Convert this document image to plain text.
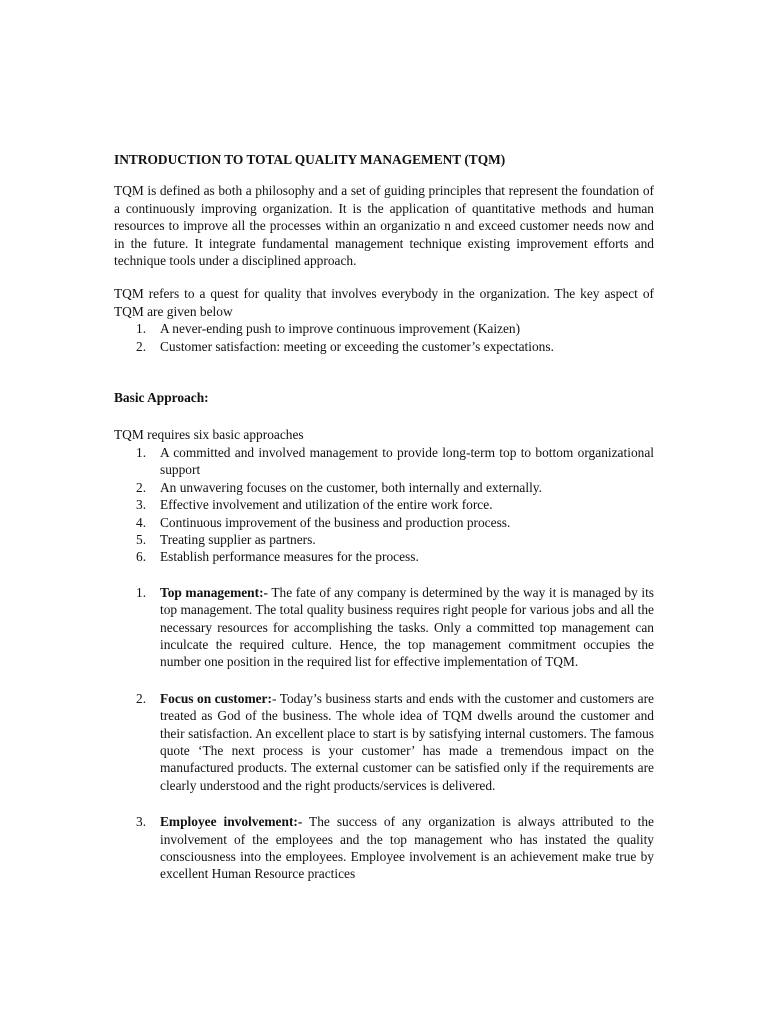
INTRODUCTION TO TOTAL QUALITY MANAGEMENT (TQM)

TQM is defined as both a philosophy and a set of guiding principles that represent the foundation of a continuously improving organization. It is the application of quantitative methods and human resources to improve all the processes within an organizatio n and exceed customer needs now and in the future. It integrate fundamental management technique existing improvement efforts and technique tools under a disciplined approach.

TQM refers to a quest for quality that involves everybody in the organization. The key aspect of TQM are given below

1. A never-ending push to improve continuous improvement (Kaizen)
2. Customer satisfaction: meeting or exceeding the customer’s expectations.

Basic Approach:

TQM requires six basic approaches

1. A committed and involved management to provide long-term top to bottom organizational support
2. An unwavering focuses on the customer, both internally and externally.
3. Effective involvement and utilization of the entire work force.
4. Continuous improvement of the business and production process.
5. Treating supplier as partners.
6. Establish performance measures for the process.
1. Top management:- The fate of any company is determined by the way it is managed by its top management. The total quality business requires right people for various jobs and all the necessary resources for accomplishing the tasks. Only a committed top management can inculcate the required culture. Hence, the top management commitment occupies the number one position in the required list for effective implementation of TQM.
2. Focus on customer:- Today’s business starts and ends with the customer and customers are treated as God of the business. The whole idea of TQM dwells around the customer and their satisfaction. An excellent place to start is by satisfying internal customers. The famous quote ‘The next process is your customer’ has made a tremendous impact on the manufactured products. The external customer can be satisfied only if the requirements are clearly understood and the right products/services is delivered.
3. Employee involvement:- The success of any organization is always attributed to the involvement of the employees and the top management who has instated the quality consciousness into the employees. Employee involvement is an achievement make true by excellent Human Resource practices
